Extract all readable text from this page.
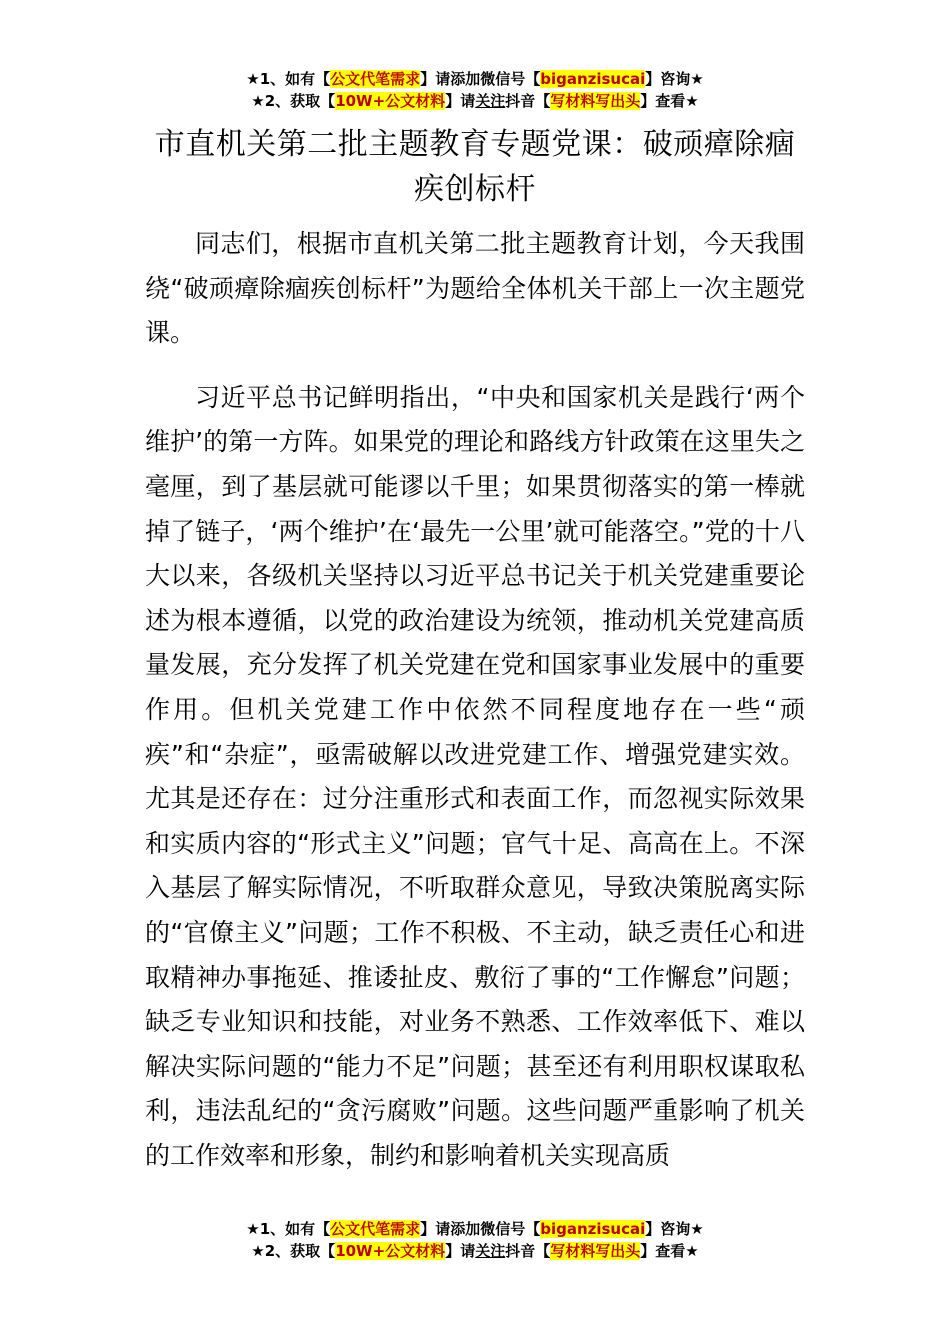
★1、如有【公文代笔需求】请添加微信号【biganzisucai】咨询★
★2、获取【10W+公文材料】请关注抖音【写材料写出头】查看★
市直机关第二批主题教育专题党课：破顽瘴除痼疾创标杆

同志们，根据市直机关第二批主题教育计划，今天我围绕“破顽瘴除痼疾创标杆”为题给全体机关干部上一次主题党课。

习近平总书记鲜明指出，“中央和国家机关是践行‘两个维护’的第一方阵。如果党的理论和路线方针政策在这里失之毫厘，到了基层就可能谬以千里；如果贯彻落实的第一棒就掉了链子，‘两个维护’在‘最先一公里’就可能落空。”党的十八大以来，各级机关坚持以习近平总书记关于机关党建重要论述为根本遵循，以党的政治建设为统领，推动机关党建高质量发展，充分发挥了机关党建在党和国家事业发展中的重要作用。但机关党建工作中依然不同程度地存在一些“顽疾”和“杂症”，亟需破解以改进党建工作、增强党建实效。尤其是还存在：过分注重形式和表面工作，而忽视实际效果和实质内容的“形式主义”问题；官气十足、高高在上。不深入基层了解实际情况，不听取群众意见，导致决策脱离实际的“官僚主义”问题；工作不积极、不主动，缺乏责任心和进取精神办事拖延、推诿扯皮、敷衍了事的“工作懈怠”问题；缺乏专业知识和技能，对业务不熟悉、工作效率低下、难以解决实际问题的“能力不足”问题；甚至还有利用职权谋取私利，违法乱纪的“贪污腐败”问题。这些问题严重影响了机关的工作效率和形象，制约和影响着机关实现高质

★1、如有【公文代笔需求】请添加微信号【biganzisucai】咨询★
★2、获取【10W+公文材料】请关注抖音【写材料写出头】查看★
